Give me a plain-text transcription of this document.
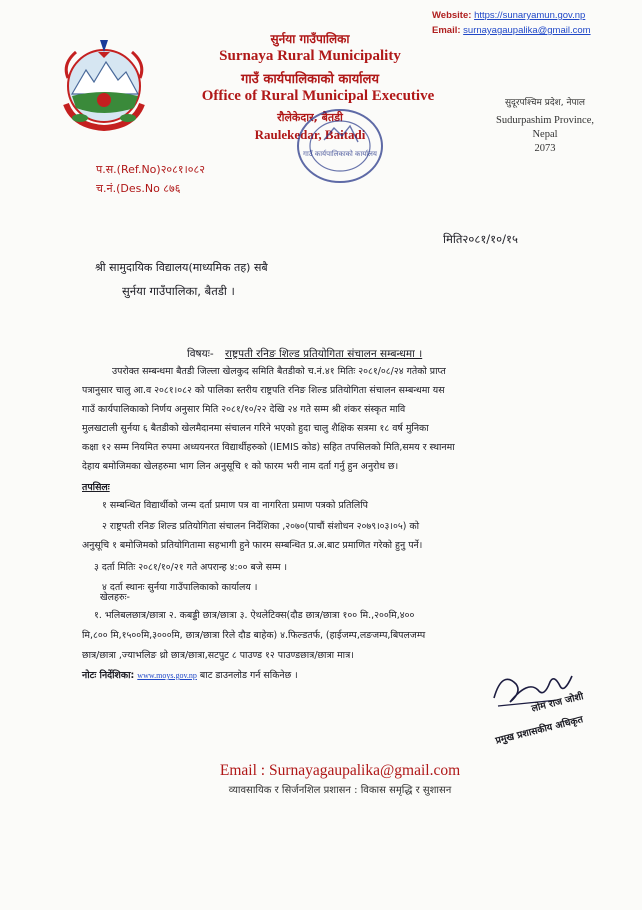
Website: https://sunaryamun.gov.np
Email: surnayagaupalika@gmail.com
सुर्नया गाउँपालिका
Surnaya Rural Municipality
गाउँ कार्यपालिकाको कार्यालय
Office of Rural Municipal Executive
रौलेकेदार, बैतडी
Raulekedar, Baitadi
गाउँ कार्यपालिकाको कार्यालय
सुदूरपश्चिम प्रदेश, नेपाल
Sudurpashim Province,
Nepal
2073
प.स.(Ref.No)२०८१।०८२
च.नं.(Des.No ८७६
मिति२०८१/१०/१५
श्री सामुदायिक विद्यालय(माध्यमिक तह) सबै
सुर्नया गाउँपालिका, बैतडी ।
विषयः- राष्ट्रपती रनिङ शिल्ड प्रतियोगिता संचालन सम्बन्धमा ।
उपरोक्त सम्बन्धमा बैतडी जिल्ला खेलकुद समिति बैतडीको च.नं.४१ मितिः २०८१/०८/२४ गतेको प्राप्त
पत्रानुसार चालु आ.व २०८१।०८२ को पालिका स्तरीय राष्ट्रपति रनिङ शिल्ड प्रतियोगिता संचालन सम्बन्धमा यस
गाउँ कार्यपालिकाको निर्णय अनुसार मिति २०८१/१०/२२ देखि २४ गते सम्म श्री शंकर संस्कृत मावि
मुलखटाली सुर्नया ६ बैतडीको खेलमैदानमा संचालन गरिने भएको हुदा चालु शैक्षिक सत्रमा १८ वर्ष मुनिका
कक्षा १२ सम्म नियमित रुपमा अध्ययनरत विद्यार्थीहरुको (IEMIS कोड) सहित तपसिलको मिति,समय र स्थानमा
देहाय बमोजिमका खेलहरुमा भाग लिन अनुसूचि १ को फारम भरी नाम दर्ता गर्नु हुन अनुरोध छ।
तपसिलः
१ सम्बन्धित विद्यार्थीको जन्म दर्ता प्रमाण पत्र वा नागरिता प्रमाण पत्रको प्रतिलिपि
२ राष्ट्रपती रनिङ शिल्ड प्रतियोगिता संचालन निर्देशिका ,२०७०(पाचौं संशोधन २०७९।०३।०५) को
अनुसूचि १ बमोजिमको प्रतियोगितामा सहभागी हुने फारम सम्बन्धित प्र.अ.बाट प्रमाणित गरेको हुनु पर्ने।
३ दर्ता मितिः २०८१/१०/२१ गते अपरान्ह ४:०० बजे सम्म ।
४ दर्ता स्थानः सुर्नया गाउँपालिकाको कार्यालय ।
खेलहरुः-
१. भलिबलछात्र/छात्रा २. कबड्डी छात्र/छात्रा ३. ऐथलेटिक्स(दौड छात्र/छात्रा १०० मि.,२००मि,४००
मि,८०० मि,१५००मि,३०००मि, छात्र/छात्रा रिले दौड बाहेक) ४.फिल्डतर्फ, (हाईजम्प,लङजम्प,बिपलजम्प
छात्र/छात्रा ,ज्याभलिङ थ्रो छात्र/छात्रा,सटपुट ८ पाउण्ड १२ पाउण्डछात्र/छात्रा मात्र।
नोटः निर्देशिका: www.moys.gov.np बाट डाउनलोड गर्न सकिनेछ ।
लोम राज जोशी
प्रमुख प्रशासकीय अधिकृत
Email : Surnayagaupalika@gmail.com
व्यावसायिक र सिर्जनशिल प्रशासन : विकास समृद्धि र सुशासन
